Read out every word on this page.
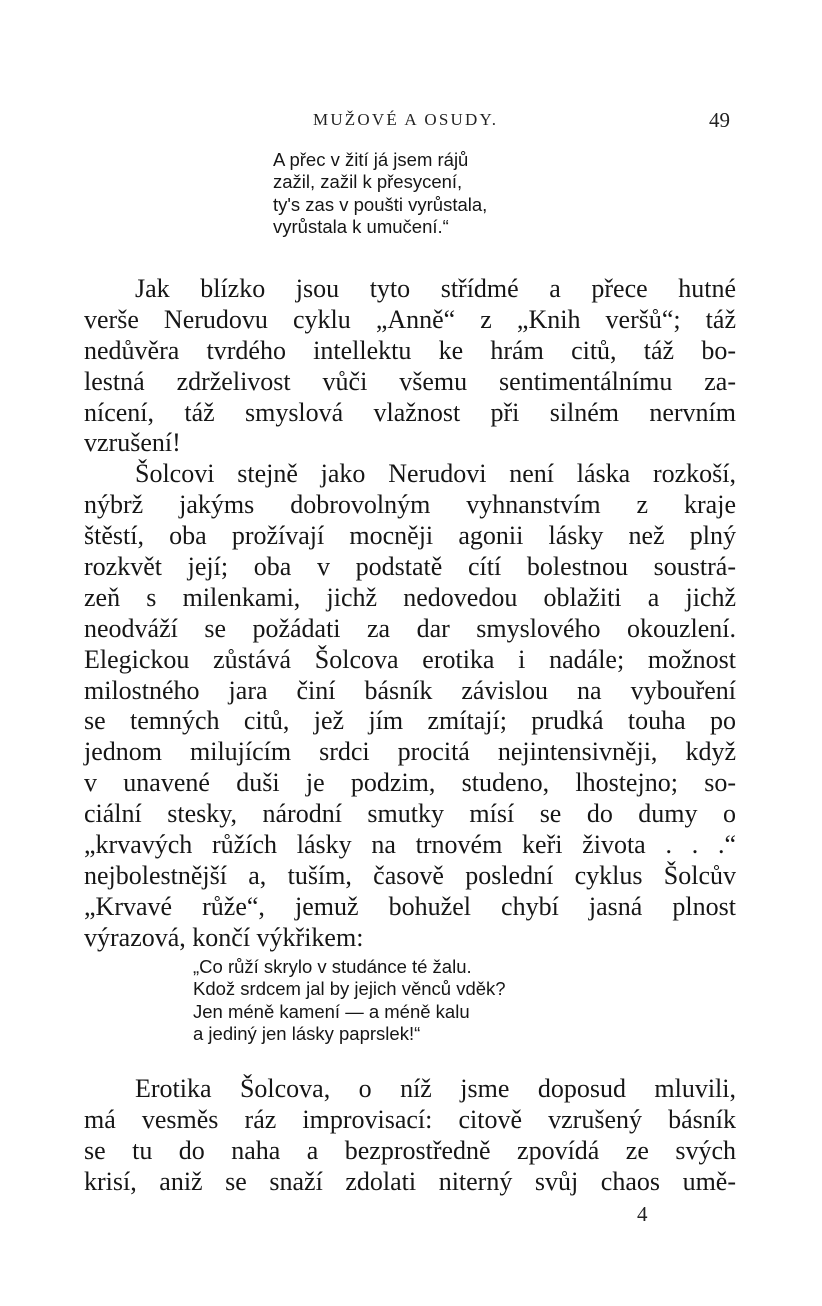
MUŽOVÉ A OSUDY.	49
A přec v žití já jsem rájů
zažil, zažil k přesycení,
ty's zas v poušti vyrůstala,
vyrůstala k umučení.“
Jak blízko jsou tyto střídmé a přece hutné
verše Nerudovu cyklu „Anně“ z „Knih veršů“; táž
nedůvěra tvrdého intellektu ke hrám citů, táž bo-
lestná zdrželivost vůči všemu sentimentálnímu za-
nícení, táž smyslová vlažnost při silném nervním
vzrušení!
Šolcovi stejně jako Nerudovi není láska rozkoší,
nýbrž jakýms dobrovolným vyhnanstvím z kraje
štěstí, oba prožívají mocněji agonii lásky než plný
rozkvět její; oba v podstatě cítí bolestnou soustrá-
zeň s milenkami, jichž nedovedou oblažiti a jichž
neodváží se požádati za dar smyslového okouzlení.
Elegickou zůstává Šolcova erotika i nadále; možnost
milostného jara činí básník závislou na vybouření
se temných citů, jež jím zmítají; prudká touha po
jednom milujícím srdci procitá nejintensivněji, když
v unavené duši je podzim, studeno, lhostejno; so-
ciální stesky, národní smutky mísí se do dumy o
„krvavých růžích lásky na trnovém keři života . . .“
nejbolestnější a, tuším, časově poslední cyklus Šolcův
„Krvavé růže“, jemuž bohužel chybí jasná plnost
výrazová, končí výkřikem:
„Co růží skrylo v studánce té žalu.
Kdož srdcem jal by jejich věnců vděk?
Jen méně kamení — a méně kalu
a jediný jen lásky paprslek!“
Erotika Šolcova, o níž jsme doposud mluvili,
má vesměs ráz improvisací: citově vzrušený básník
se tu do naha a bezprostředně zpovídá ze svých
krisí, aniž se snaží zdolati niterný svůj chaos umě-
4
